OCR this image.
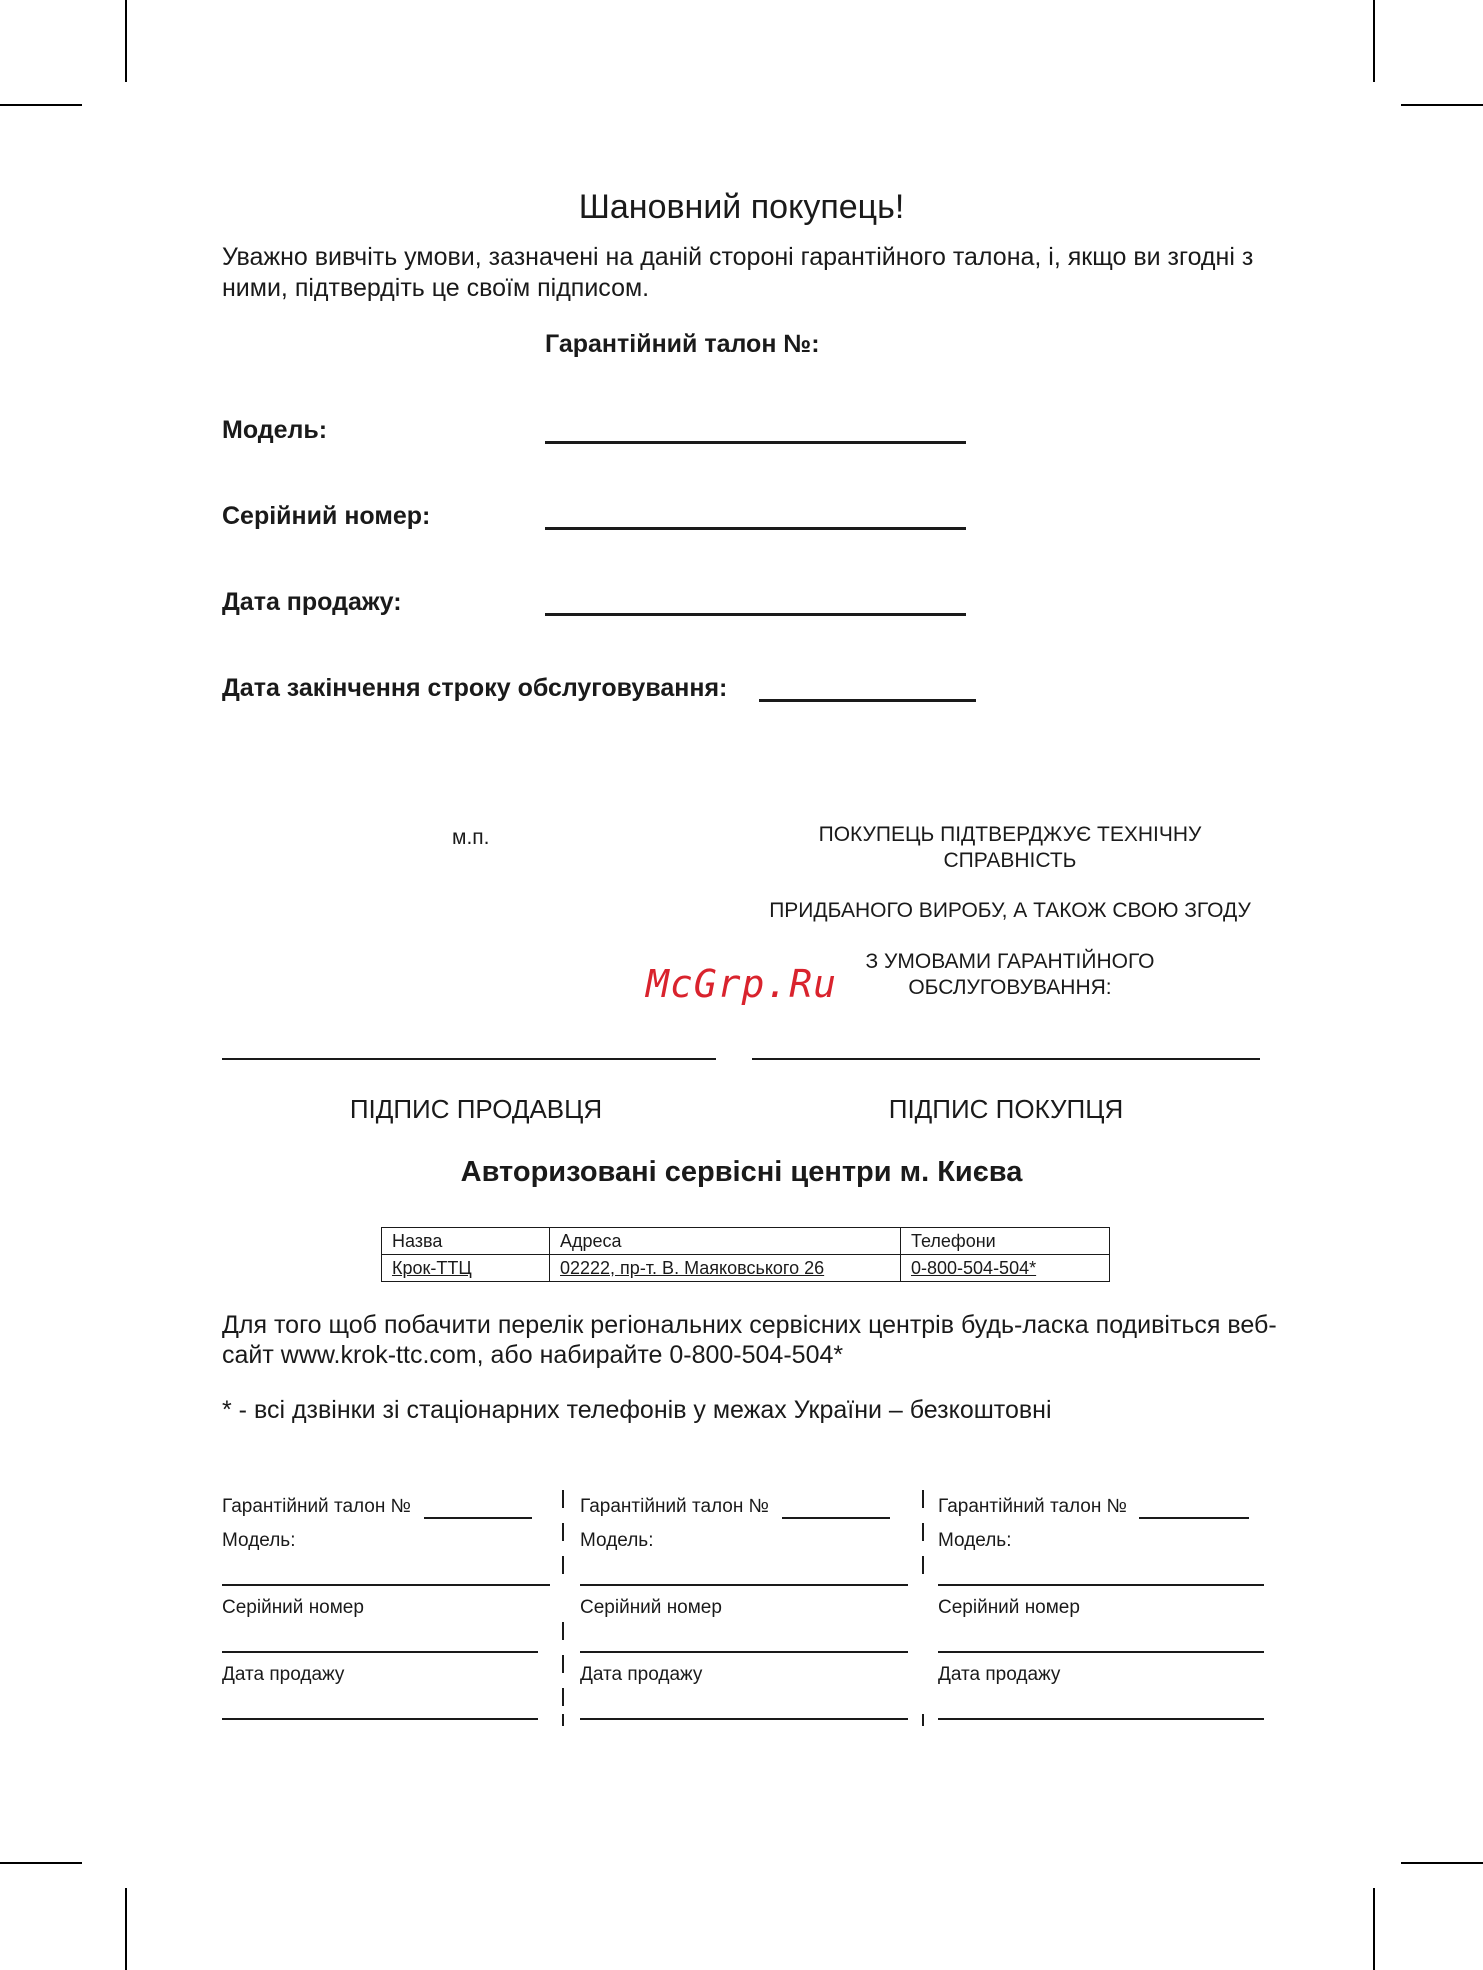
Шановний покупець!
Уважно вивчіть умови, зазначені на даній стороні гарантійного талона, і, якщо ви згодні з ними, підтвердіть це своїм підписом.
Гарантійний талон №:
Модель:
Серійний номер:
Дата продажу:
Дата закінчення строку обслуговування:
м.п.	ПОКУПЕЦЬ ПІДТВЕРДЖУЄ ТЕХНІЧНУ
СПРАВНІСТЬ
ПРИДБАНОГО ВИРОБУ, А ТАКОЖ СВОЮ ЗГОДУ
З УМОВАМИ ГАРАНТІЙНОГО
ОБСЛУГОВУВАННЯ:
McGrp.Ru
ПІДПИС ПРОДАВЦЯ	ПІДПИС ПОКУПЦЯ
Авторизовані сервісні центри м. Києва
Назва	Адреса	Телефони
Крок-ТТЦ	02222, пр-т. В. Маяковського 26	0-800-504-504*
Для того щоб побачити перелік регіональних сервісних центрів будь-ласка подивіться веб-сайт www.krok-ttc.com, або набирайте 0-800-504-504*
* - всі дзвінки зі стаціонарних телефонів у межах України – безкоштовні
Гарантійний талон №
Модель:
Серійний номер
Дата продажу
Гарантійний талон №
Модель:
Серійний номер
Дата продажу
Гарантійний талон №
Модель:
Серійний номер
Дата продажу
